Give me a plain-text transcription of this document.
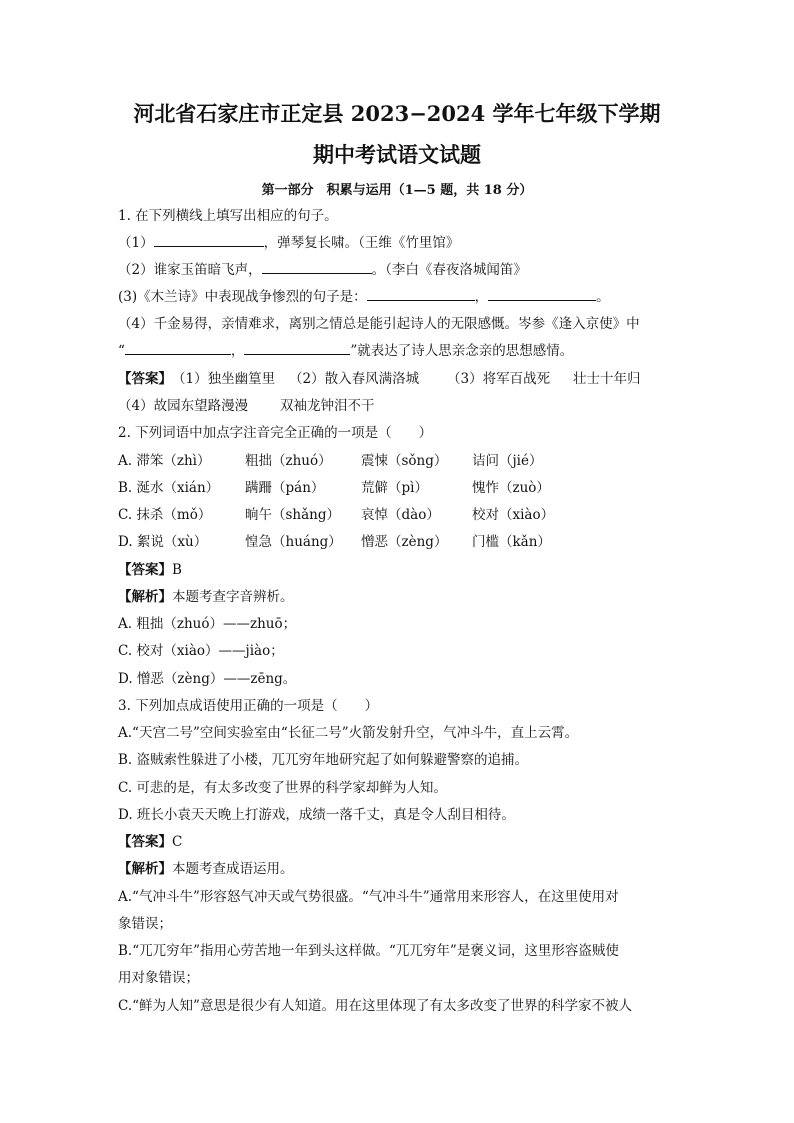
河北省石家庄市正定县 2023−2024 学年七年级下学期
期中考试语文试题
第一部分　积累与运用（1—5 题，共 18 分）
1. 在下列横线上填写出相应的句子。
（1）	，弹琴复长啸。（王维《竹里馆》
（2）谁家玉笛暗飞声，	。（李白《春夜洛城闻笛》
(3)《木兰诗》中表现战争惨烈的句子是：	，	。
（4）千金易得，亲情难求，离别之情总是能引起诗人的无限感慨。岑参《逢入京使》中
“	，	”就表达了诗人思亲念亲的思想感情。
【答案】（1）独坐幽篁里 （2）散入春风满洛城 （3）将军百战死 壮士十年归
（4）故园东望路漫漫 双袖龙钟泪不干
2. 下列词语中加点字注音完全正确的一项是（　　）
A. 滞笨（zhì）	粗拙（zhuó） 震悚（sǒng） 诘问（jié）
B. 涎水（xián） 蹒跚（pán）	荒僻（pì）	愧怍（zuò）
C. 抹杀（mǒ） 晌午（shǎng） 哀悼（dào） 校对（xiào）
D. 絮说（xù）	惶急（huáng） 憎恶（zèng） 门槛（kǎn）
【答案】B
【解析】本题考查字音辨析。
A. 粗拙（zhuó）——zhuō；
C. 校对（xiào）——jiào；
D. 憎恶（zèng）——zēng。
3. 下列加点成语使用正确的一项是（　　）
A.“天宫二号”空间实验室由“长征二号”火箭发射升空，气冲斗牛，直上云霄。
B. 盗贼索性躲进了小楼，兀兀穷年地研究起了如何躲避警察的追捕。
C. 可悲的是，有太多改变了世界的科学家却鲜为人知。
D. 班长小袁天天晚上打游戏，成绩一落千丈，真是令人刮目相待。
【答案】C
【解析】本题考查成语运用。
A.“气冲斗牛”形容怒气冲天或气势很盛。“气冲斗牛”通常用来形容人，在这里使用对
象错误；
B.“兀兀穷年”指用心劳苦地一年到头这样做。“兀兀穷年”是褒义词，这里形容盗贼使
用对象错误；
C.“鲜为人知”意思是很少有人知道。用在这里体现了有太多改变了世界的科学家不被人
